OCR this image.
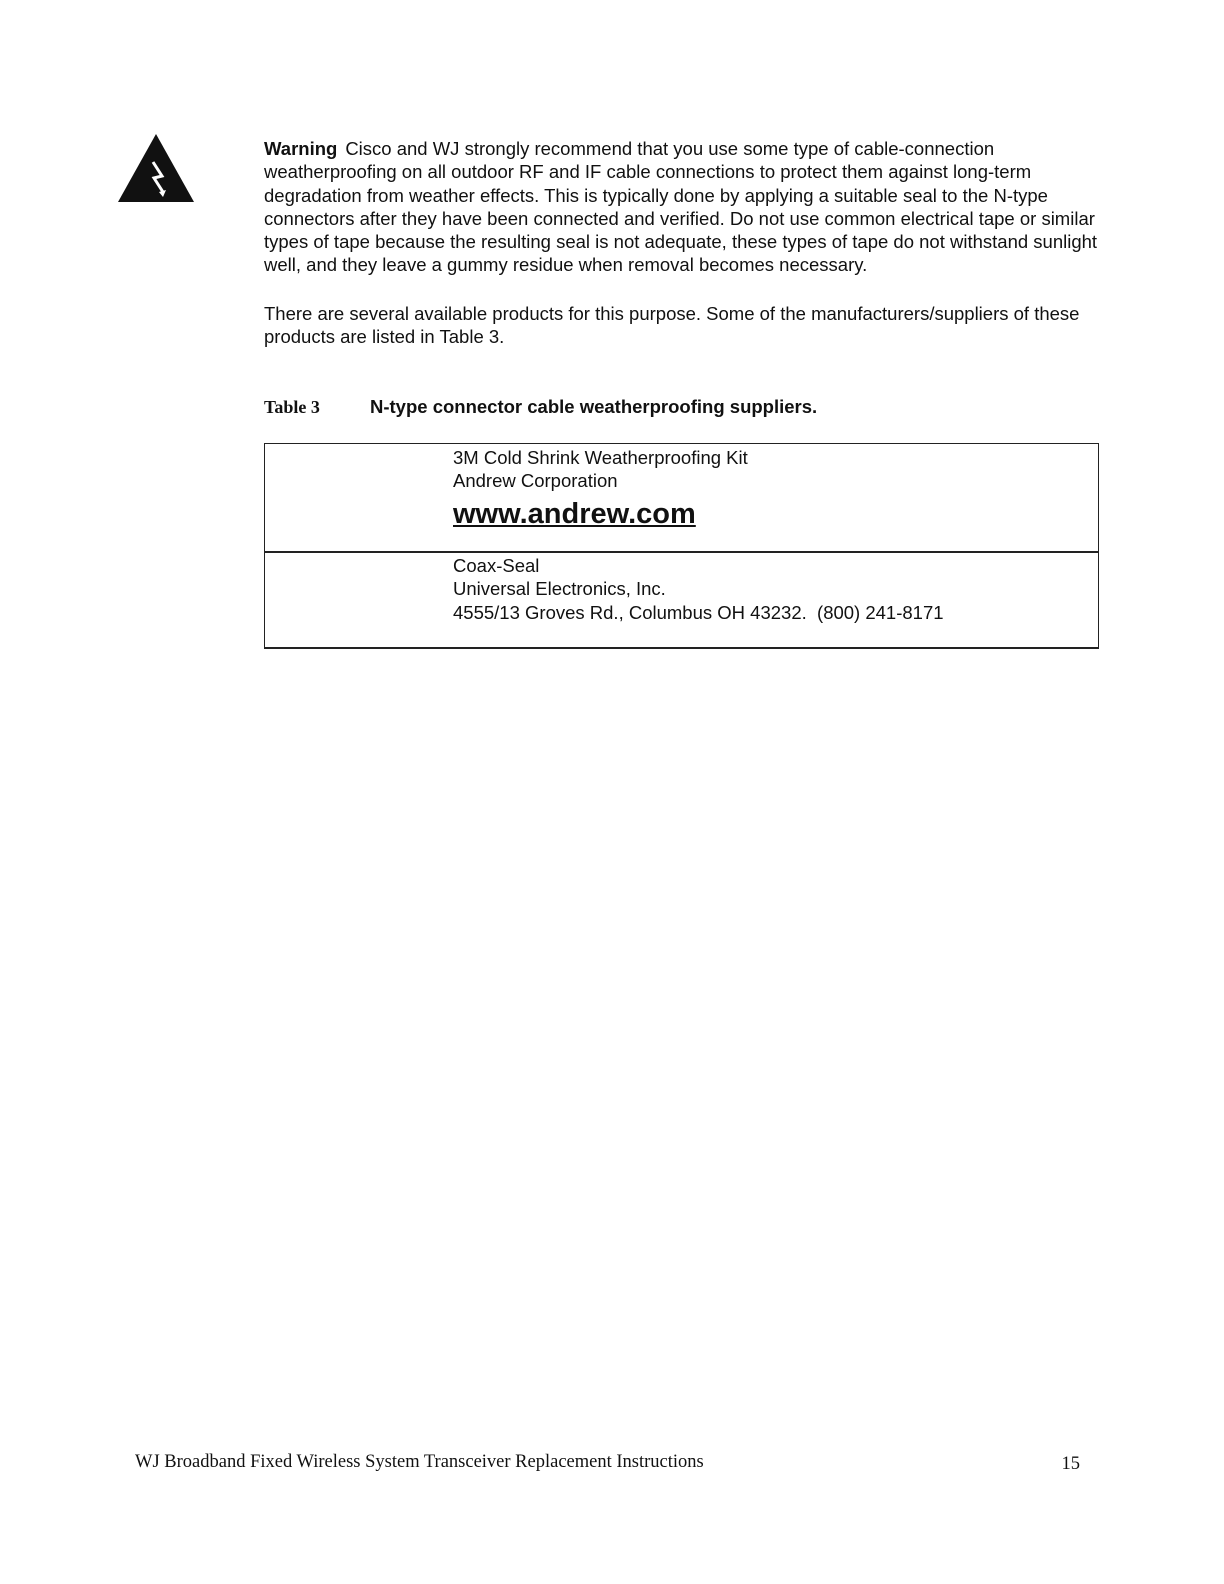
Warning Cisco and WJ strongly recommend that you use some type of cable-connection weatherproofing on all outdoor RF and IF cable connections to protect them against long-term degradation from weather effects. This is typically done by applying a suitable seal to the N-type connectors after they have been connected and verified. Do not use common electrical tape or similar types of tape because the resulting seal is not adequate, these types of tape do not withstand sunlight well, and they leave a gummy residue when removal becomes necessary.

There are several available products for this purpose. Some of the manufacturers/suppliers of these products are listed in Table 3.

Table 3	N-type connector cable weatherproofing suppliers.
3M Cold Shrink Weatherproofing Kit
Andrew Corporation
www.andrew.com
Coax-Seal
Universal Electronics, Inc.
4555/13 Groves Rd., Columbus OH 43232.  (800) 241-8171
WJ Broadband Fixed Wireless System Transceiver Replacement Instructions	15
